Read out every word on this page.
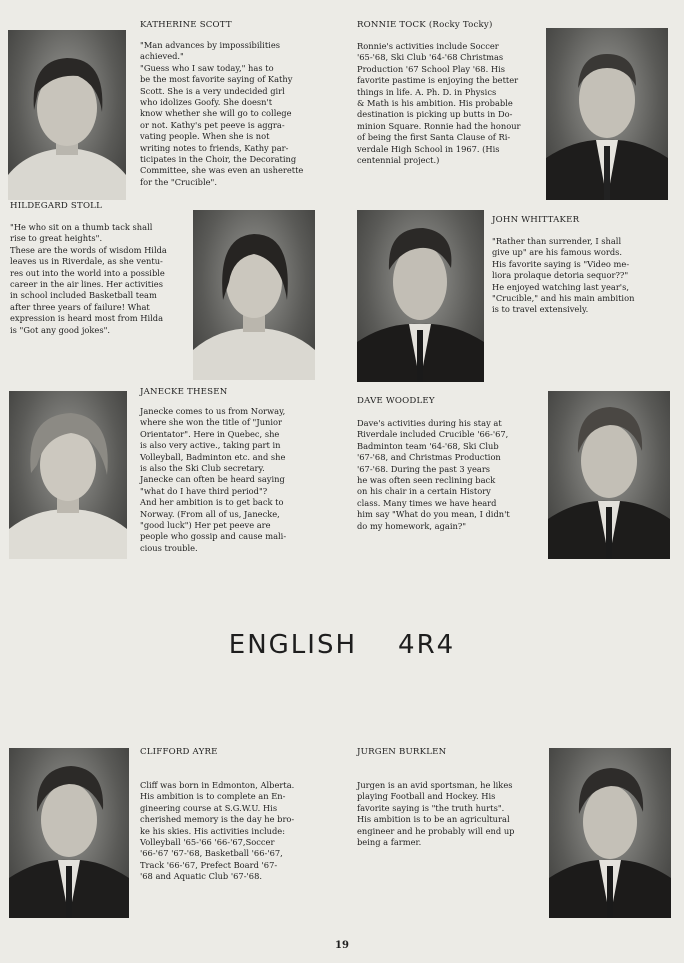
KATHERINE SCOTT
"Man advances by impossibilities
achieved."
"Guess who I saw today," has to
be the most favorite saying of Kathy
Scott. She is a very undecided girl
who idolizes Goofy. She doesn't
know whether she will go to college
or not. Kathy's pet peeve is aggra-
vating people. When she is not
writing notes to friends, Kathy par-
ticipates in the Choir, the Decorating
Committee, she was even an usherette
for the "Crucible".
RONNIE TOCK (Rocky Tocky)
Ronnie's activities include Soccer
'65-'68, Ski Club '64-'68 Christmas
Production '67 School Play '68. His
favorite pastime is enjoying the better
things in life. A. Ph. D. in Physics
& Math is his ambition. His probable
destination is picking up butts in Do-
minion Square. Ronnie had the honour
of being the first Santa Clause of Ri-
verdale High School in 1967. (His
centennial project.)
HILDEGARD STOLL
"He who sit on a thumb tack shall
rise to great heights".
These are the words of wisdom Hilda
leaves us in Riverdale, as she ventu-
res out into the world into a possible
career in the air lines. Her activities
in school included Basketball team
after three years of failure! What
expression is heard most from Hilda
is "Got any good jokes".
JOHN WHITTAKER
"Rather than surrender, I shall
give up" are his famous words.
His favorite saying is "Video me-
liora prolaque detoria sequor??"
He enjoyed watching last year's,
"Crucible," and his main ambition
is to travel extensively.
JANECKE THESEN
Janecke comes to us from Norway,
where she won the title of "Junior
Orientator". Here in Quebec, she
is also very active., taking part in
Volleyball, Badminton etc. and she
is also the Ski Club secretary.
Janecke can often be heard saying
"what do I have third period"?
And her ambition is to get back to
Norway. (From all of us, Janecke,
"good luck") Her pet peeve are
people who gossip and cause mali-
cious trouble.
DAVE WOODLEY
Dave's activities during his stay at
Riverdale included Crucible '66-'67,
Badminton team '64-'68, Ski Club
'67-'68, and Christmas Production
'67-'68. During the past 3 years
he was often seen reclining back
on his chair in a certain History
class. Many times we have heard
him say "What do you mean, I didn't
do my homework, again?"
ENGLISH    4R4
CLIFFORD AYRE
Cliff was born in Edmonton, Alberta.
His ambition is to complete an En-
gineering course at S.G.W.U. His
cherished memory is the day he bro-
ke his skies. His activities include:
Volleyball '65-'66 '66-'67,Soccer
'66-'67 '67-'68, Basketball '66-'67,
Track '66-'67, Prefect Board '67-
'68 and Aquatic Club '67-'68.
JURGEN BURKLEN
Jurgen is an avid sportsman, he likes
playing Football and Hockey. His
favorite saying is "the truth hurts".
His ambition is to be an agricultural
engineer and he probably will end up
being a farmer.
19
